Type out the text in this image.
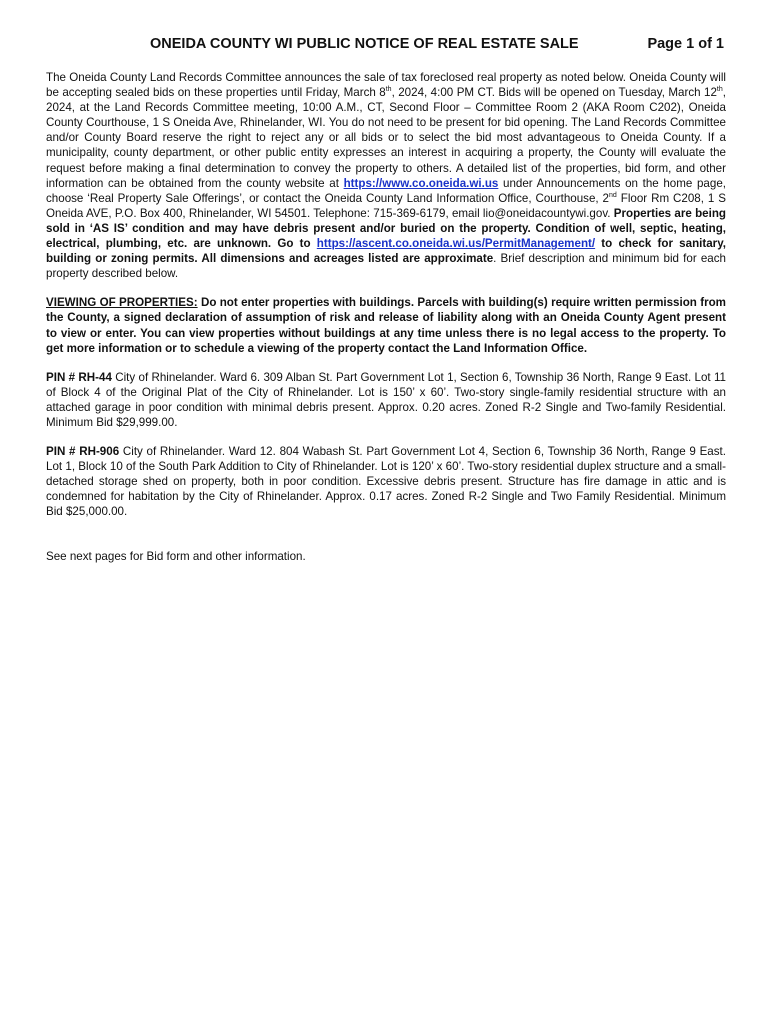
ONEIDA COUNTY WI PUBLIC NOTICE OF REAL ESTATE SALE	Page 1 of 1

The Oneida County Land Records Committee announces the sale of tax foreclosed real property as noted below. Oneida County will be accepting sealed bids on these properties until Friday, March 8th, 2024, 4:00 PM CT. Bids will be opened on Tuesday, March 12th, 2024, at the Land Records Committee meeting, 10:00 A.M., CT, Second Floor – Committee Room 2 (AKA Room C202), Oneida County Courthouse, 1 S Oneida Ave, Rhinelander, WI. You do not need to be present for bid opening. The Land Records Committee and/or County Board reserve the right to reject any or all bids or to select the bid most advantageous to Oneida County. If a municipality, county department, or other public entity expresses an interest in acquiring a property, the County will evaluate the request before making a final determination to convey the property to others. A detailed list of the properties, bid form, and other information can be obtained from the county website at https://www.co.oneida.wi.us under Announcements on the home page, choose ‘Real Property Sale Offerings’, or contact the Oneida County Land Information Office, Courthouse, 2nd Floor Rm C208, 1 S Oneida AVE, P.O. Box 400, Rhinelander, WI 54501. Telephone: 715-369-6179, email lio@oneidacountywi.gov. Properties are being sold in ‘AS IS’ condition and may have debris present and/or buried on the property. Condition of well, septic, heating, electrical, plumbing, etc. are unknown. Go to https://ascent.co.oneida.wi.us/PermitManagement/ to check for sanitary, building or zoning permits. All dimensions and acreages listed are approximate. Brief description and minimum bid for each property described below.

VIEWING OF PROPERTIES: Do not enter properties with buildings. Parcels with building(s) require written permission from the County, a signed declaration of assumption of risk and release of liability along with an Oneida County Agent present to view or enter. You can view properties without buildings at any time unless there is no legal access to the property. To get more information or to schedule a viewing of the property contact the Land Information Office.

PIN # RH-44 City of Rhinelander. Ward 6. 309 Alban St. Part Government Lot 1, Section 6, Township 36 North, Range 9 East. Lot 11 of Block 4 of the Original Plat of the City of Rhinelander. Lot is 150’ x 60’. Two-story single-family residential structure with an attached garage in poor condition with minimal debris present. Approx. 0.20 acres. Zoned R-2 Single and Two-family Residential. Minimum Bid $29,999.00.

PIN # RH-906 City of Rhinelander. Ward 12. 804 Wabash St. Part Government Lot 4, Section 6, Township 36 North, Range 9 East. Lot 1, Block 10 of the South Park Addition to City of Rhinelander. Lot is 120’ x 60’. Two-story residential duplex structure and a small-detached storage shed on property, both in poor condition. Excessive debris present. Structure has fire damage in attic and is condemned for habitation by the City of Rhinelander. Approx. 0.17 acres. Zoned R-2 Single and Two Family Residential. Minimum Bid $25,000.00.

See next pages for Bid form and other information.
